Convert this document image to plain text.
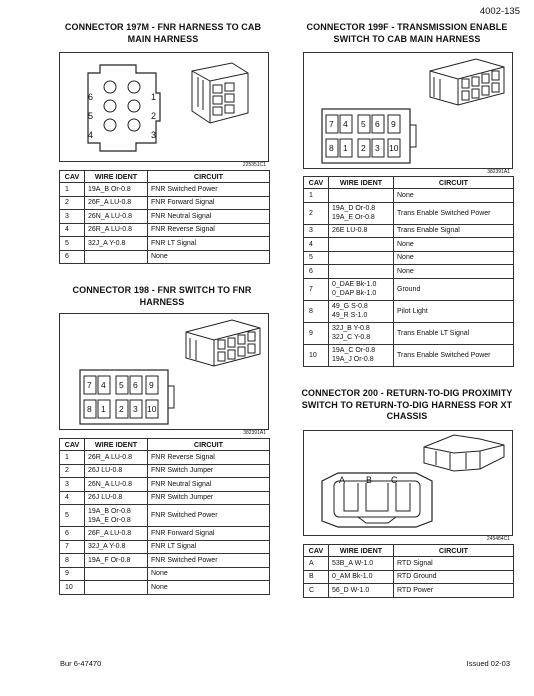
4002-135
CONNECTOR 197M - FNR HARNESS TO CAB MAIN HARNESS
6
5
4
1
2
3
225351C1
CAV	WIRE IDENT	CIRCUIT
1	19A_B Or-0.8	FNR Switched Power
2	26F_A LU-0.8	FNR Forward Signal
3	26N_A LU-0.8	FNR Neutral Signal
4	26R_A LU-0.8	FNR Reverse Signal
5	32J_A Y-0.8	FNR LT Signal
6		None
CONNECTOR 198 - FNR SWITCH TO FNR HARNESS
7 4 5 6 9
8 1 2 3 10
382391A1
CAV	WIRE IDENT	CIRCUIT
1	26R_A LU-0.8	FNR Reverse Signal
2	26J LU-0.8	FNR Switch Jumper
3	26N_A LU-0.8	FNR Neutral Signal
4	26J LU-0.8	FNR Switch Jumper
5	19A_B Or-0.8
19A_E Or-0.8	FNR Switched Power
6	26F_A LU-0.8	FNR Forward Signal
7	32J_A Y-0.8	FNR LT Signal
8	19A_F Or-0.8	FNR Switched Power
9		None
10		None
CONNECTOR 199F - TRANSMISSION ENABLE SWITCH TO CAB MAIN HARNESS
7 4 5 6 9
8 1 2 3 10
382391A1
CAV	WIRE IDENT	CIRCUIT
1		None
2	19A_D Or-0.8
19A_E Or-0.8	Trans Enable Switched Power
3	26E LU-0.8	Trans Enable Signal
4		None
5		None
6		None
7	0_DAE Bk-1.0
0_DAP Bk-1.0	Ground
8	49_G S-0.8
49_R S-1.0	Pilot Light
9	32J_B Y-0.8
32J_C Y-0.8	Trans Enable LT Signal
10	19A_C Or-0.8
19A_J Or-0.8	Trans Enable Switched Power
CONNECTOR 200 - RETURN-TO-DIG PROXIMITY SWITCH TO RETURN-TO-DIG HARNESS FOR XT CHASSIS
A B C
245484C1
CAV	WIRE IDENT	CIRCUIT
A	53B_A W-1.0	RTD Signal
B	0_AM Bk-1.0	RTD Ground
C	56_D W-1.0	RTD Power
Bur 6-47470	Issued 02-03
